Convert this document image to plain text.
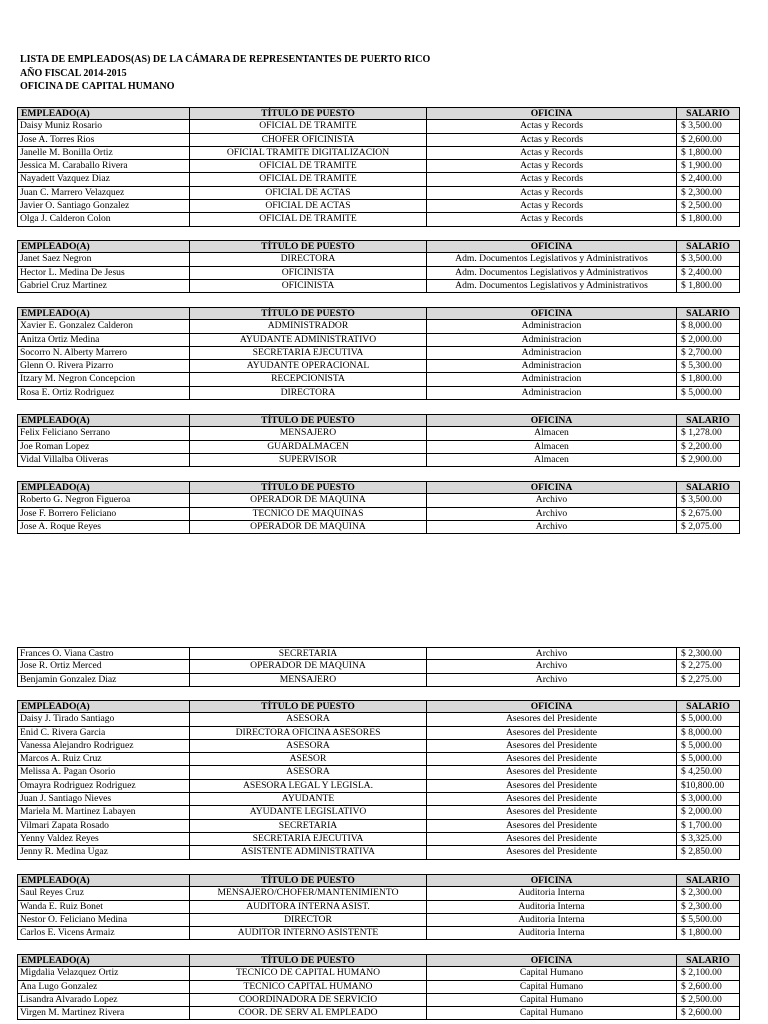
LISTA DE EMPLEADOS(AS) DE LA CÁMARA DE REPRESENTANTES DE PUERTO RICO
AÑO FISCAL 2014-2015
OFICINA DE CAPITAL HUMANO
EMPLEADO(A)	TÍTULO DE PUESTO	OFICINA	SALARIO
Daisy Muniz Rosario	OFICIAL DE TRAMITE	Actas y Records	$ 3,500.00
Jose A. Torres Rios	CHOFER OFICINISTA	Actas y Records	$ 2,600.00
Janelle M. Bonilla Ortiz	OFICIAL TRAMITE DIGITALIZACION	Actas y Records	$ 1,800.00
Jessica M. Caraballo Rivera	OFICIAL DE TRAMITE	Actas y Records	$ 1,900.00
Nayadett Vazquez Diaz	OFICIAL DE TRAMITE	Actas y Records	$ 2,400.00
Juan C. Marrero Velazquez	OFICIAL DE ACTAS	Actas y Records	$ 2,300.00
Javier O. Santiago Gonzalez	OFICIAL DE ACTAS	Actas y Records	$ 2,500.00
Olga J. Calderon Colon	OFICIAL DE TRAMITE	Actas y Records	$ 1,800.00
EMPLEADO(A)	TÍTULO DE PUESTO	OFICINA	SALARIO
Janet Saez Negron	DIRECTORA	Adm. Documentos Legislativos y Administrativos	$ 3,500.00
Hector L. Medina De Jesus	OFICINISTA	Adm. Documentos Legislativos y Administrativos	$ 2,400.00
Gabriel Cruz Martinez	OFICINISTA	Adm. Documentos Legislativos y Administrativos	$ 1,800.00
EMPLEADO(A)	TÍTULO DE PUESTO	OFICINA	SALARIO
Xavier E. Gonzalez Calderon	ADMINISTRADOR	Administracion	$ 8,000.00
Anitza Ortiz Medina	AYUDANTE ADMINISTRATIVO	Administracion	$ 2,000.00
Socorro N. Alberty Marrero	SECRETARIA EJECUTIVA	Administracion	$ 2,700.00
Glenn O. Rivera Pizarro	AYUDANTE OPERACIONAL	Administracion	$ 5,300.00
Itzary M. Negron Concepcion	RECEPCIONISTA	Administracion	$ 1,800.00
Rosa E. Ortiz Rodriguez	DIRECTORA	Administracion	$ 5,000.00
EMPLEADO(A)	TÍTULO DE PUESTO	OFICINA	SALARIO
Felix Feliciano Serrano	MENSAJERO	Almacen	$ 1,278.00
Joe Roman Lopez	GUARDALMACEN	Almacen	$ 2,200.00
Vidal Villalba Oliveras	SUPERVISOR	Almacen	$ 2,900.00
EMPLEADO(A)	TÍTULO DE PUESTO	OFICINA	SALARIO
Roberto G. Negron Figueroa	OPERADOR DE MAQUINA	Archivo	$ 3,500.00
Jose F. Borrero Feliciano	TECNICO DE MAQUINAS	Archivo	$ 2,675.00
Jose A. Roque Reyes	OPERADOR DE MAQUINA	Archivo	$ 2,075.00
Frances O. Viana Castro	SECRETARIA	Archivo	$ 2,300.00
Jose R. Ortiz Merced	OPERADOR DE MAQUINA	Archivo	$ 2,275.00
Benjamin Gonzalez Diaz	MENSAJERO	Archivo	$ 2,275.00
EMPLEADO(A)	TÍTULO DE PUESTO	OFICINA	SALARIO
Daisy J. Tirado Santiago	ASESORA	Asesores del Presidente	$ 5,000.00
Enid C. Rivera Garcia	DIRECTORA OFICINA ASESORES	Asesores del Presidente	$ 8,000.00
Vanessa Alejandro Rodriguez	ASESORA	Asesores del Presidente	$ 5,000.00
Marcos A. Ruiz Cruz	ASESOR	Asesores del Presidente	$ 5,000.00
Melissa A. Pagan Osorio	ASESORA	Asesores del Presidente	$ 4,250.00
Omayra Rodriguez Rodriguez	ASESORA LEGAL Y LEGISLA.	Asesores del Presidente	$10,800.00
Juan J. Santiago Nieves	AYUDANTE	Asesores del Presidente	$ 3,000.00
Mariela M. Martinez Labayen	AYUDANTE LEGISLATIVO	Asesores del Presidente	$ 2,000.00
Vilmari Zapata Rosado	SECRETARIA	Asesores del Presidente	$ 1,700.00
Yenny Valdez Reyes	SECRETARIA EJECUTIVA	Asesores del Presidente	$ 3,325.00
Jenny R. Medina Ugaz	ASISTENTE ADMINISTRATIVA	Asesores del Presidente	$ 2,850.00
EMPLEADO(A)	TÍTULO DE PUESTO	OFICINA	SALARIO
Saul Reyes Cruz	MENSAJERO/CHOFER/MANTENIMIENTO	Auditoria Interna	$ 2,300.00
Wanda E. Ruiz Bonet	AUDITORA INTERNA ASIST.	Auditoria Interna	$ 2,300.00
Nestor O. Feliciano Medina	DIRECTOR	Auditoria Interna	$ 5,500.00
Carlos E. Vicens Armaiz	AUDITOR INTERNO ASISTENTE	Auditoria Interna	$ 1,800.00
EMPLEADO(A)	TÍTULO DE PUESTO	OFICINA	SALARIO
Migdalia Velazquez Ortiz	TECNICO DE CAPITAL HUMANO	Capital Humano	$ 2,100.00
Ana Lugo Gonzalez	TECNICO CAPITAL HUMANO	Capital Humano	$ 2,600.00
Lisandra Alvarado Lopez	COORDINADORA DE SERVICIO	Capital Humano	$ 2,500.00
Virgen M. Martinez Rivera	COOR. DE SERV AL EMPLEADO	Capital Humano	$ 2,600.00
